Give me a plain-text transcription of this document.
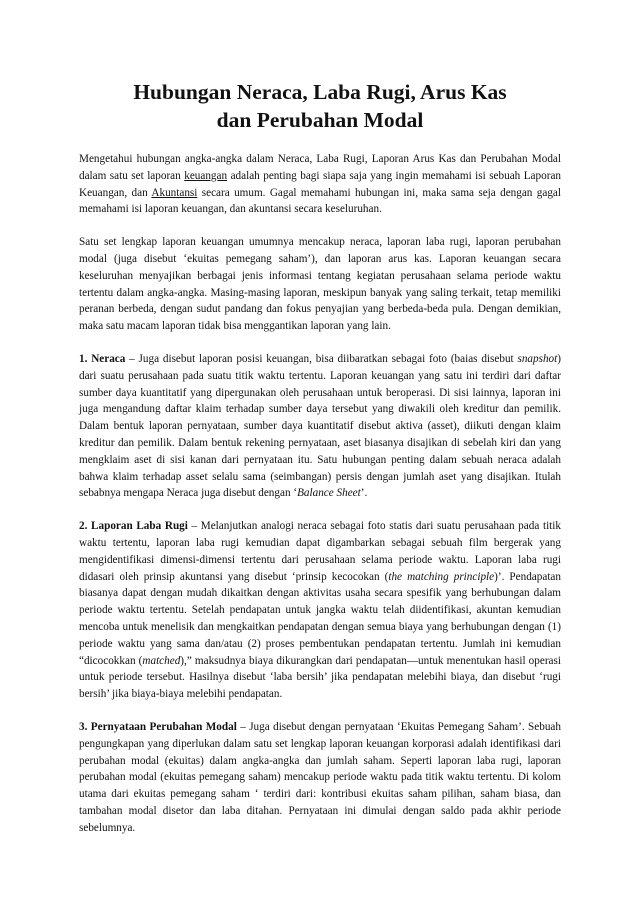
Hubungan Neraca, Laba Rugi, Arus Kas
dan Perubahan Modal

Mengetahui hubungan angka-angka dalam Neraca, Laba Rugi, Laporan Arus Kas dan Perubahan Modal dalam satu set laporan keuangan adalah penting bagi siapa saja yang ingin memahami isi sebuah Laporan Keuangan, dan Akuntansi secara umum. Gagal memahami hubungan ini, maka sama seja dengan gagal memahami isi laporan keuangan, dan akuntansi secara keseluruhan.

Satu set lengkap laporan keuangan umumnya mencakup neraca, laporan laba rugi, laporan perubahan modal (juga disebut ‘ekuitas pemegang saham’), dan laporan arus kas. Laporan keuangan secara keseluruhan menyajikan berbagai jenis informasi tentang kegiatan perusahaan selama periode waktu tertentu dalam angka-angka. Masing-masing laporan, meskipun banyak yang saling terkait, tetap memiliki peranan berbeda, dengan sudut pandang dan fokus penyajian yang berbeda-beda pula. Dengan demikian, maka satu macam laporan tidak bisa menggantikan laporan yang lain.

1. Neraca – Juga disebut laporan posisi keuangan, bisa diibaratkan sebagai foto (baias disebut snapshot) dari suatu perusahaan pada suatu titik waktu tertentu. Laporan keuangan yang satu ini terdiri dari daftar sumber daya kuantitatif yang dipergunakan oleh perusahaan untuk beroperasi. Di sisi lainnya, laporan ini juga mengandung daftar klaim terhadap sumber daya tersebut yang diwakili oleh kreditur dan pemilik. Dalam bentuk laporan pernyataan, sumber daya kuantitatif disebut aktiva (asset), diikuti dengan klaim kreditur dan pemilik. Dalam bentuk rekening pernyataan, aset biasanya disajikan di sebelah kiri dan yang mengklaim aset di sisi kanan dari pernyataan itu. Satu hubungan penting dalam sebuah neraca adalah bahwa klaim terhadap asset selalu sama (seimbangan) persis dengan jumlah aset yang disajikan. Itulah sebabnya mengapa Neraca juga disebut dengan ‘Balance Sheet’.

2. Laporan Laba Rugi – Melanjutkan analogi neraca sebagai foto statis dari suatu perusahaan pada titik waktu tertentu, laporan laba rugi kemudian dapat digambarkan sebagai sebuah film bergerak yang mengidentifikasi dimensi-dimensi tertentu dari perusahaan selama periode waktu. Laporan laba rugi didasari oleh prinsip akuntansi yang disebut ‘prinsip kecocokan (the matching principle)’. Pendapatan biasanya dapat dengan mudah dikaitkan dengan aktivitas usaha secara spesifik yang berhubungan dalam periode waktu tertentu. Setelah pendapatan untuk jangka waktu telah diidentifikasi, akuntan kemudian mencoba untuk menelisik dan mengkaitkan pendapatan dengan semua biaya yang berhubungan dengan (1) periode waktu yang sama dan/atau (2) proses pembentukan pendapatan tertentu. Jumlah ini kemudian “dicocokkan (matched),” maksudnya biaya dikurangkan dari pendapatan—untuk menentukan hasil operasi untuk periode tersebut. Hasilnya disebut ‘laba bersih’ jika pendapatan melebihi biaya, dan disebut ‘rugi bersih’ jika biaya-biaya melebihi pendapatan.

3. Pernyataan Perubahan Modal – Juga disebut dengan pernyataan ‘Ekuitas Pemegang Saham’. Sebuah pengungkapan yang diperlukan dalam satu set lengkap laporan keuangan korporasi adalah identifikasi dari perubahan modal (ekuitas) dalam angka-angka dan jumlah saham. Seperti laporan laba rugi, laporan perubahan modal (ekuitas pemegang saham) mencakup periode waktu pada titik waktu tertentu. Di kolom utama dari ekuitas pemegang saham ‘ terdiri dari: kontribusi ekuitas saham pilihan, saham biasa, dan tambahan modal disetor dan laba ditahan. Pernyataan ini dimulai dengan saldo pada akhir periode sebelumnya.
